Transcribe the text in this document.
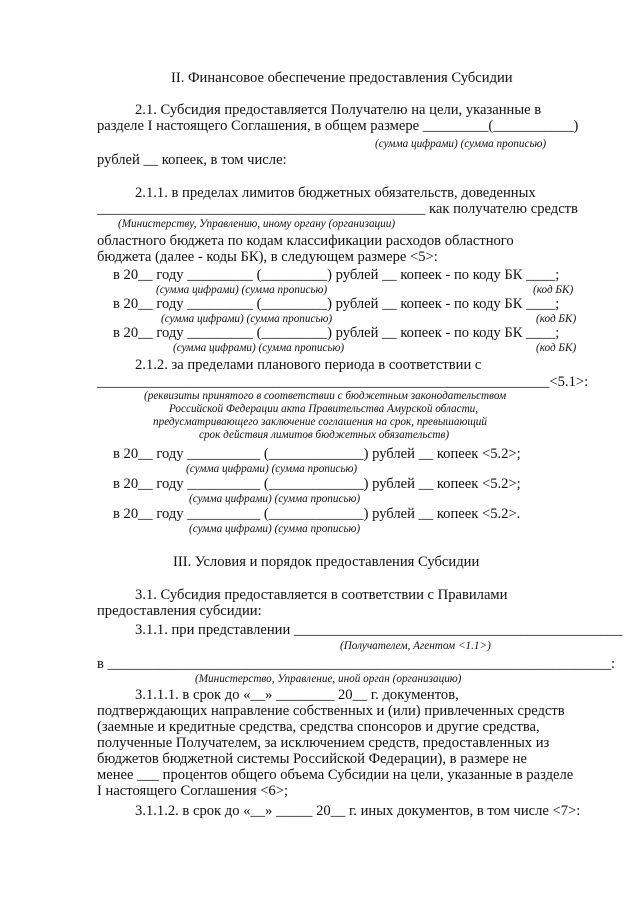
II. Финансовое обеспечение предоставления Субсидии
2.1. Субсидия предоставляется Получателю на цели, указанные в
разделе I настоящего Соглашения, в общем размере _________(___________)
(сумма цифрами) (сумма прописью)
рублей __ копеек, в том числе:
2.1.1. в пределах лимитов бюджетных обязательств, доведенных
_____________________________________________ как получателю средств
(Министерству, Управлению, иному органу (организации)
областного бюджета по кодам классификации расходов областного
бюджета (далее - коды БК), в следующем размере <5>:
в 20__ году _________ (_________) рублей __ копеек - по коду БК ____;
(сумма цифрами) (сумма прописью)	(код БК)
в 20__ году _________ (_________) рублей __ копеек - по коду БК ____;
(сумма цифрами) (сумма прописью)	(код БК)
в 20__ году _________ (_________) рублей __ копеек - по коду БК ____;
(сумма цифрами) (сумма прописью)	(код БК)
2.1.2. за пределами планового периода в соответствии с
______________________________________________________________<5.1>:
(реквизиты принятого в соответствии с бюджетным законодательством
Российской Федерации акта Правительства Амурской области,
предусматривающего заключение соглашения на срок, превышающий
срок действия лимитов бюджетных обязательств)
в 20__ году __________ (_____________) рублей __ копеек <5.2>;
(сумма цифрами) (сумма прописью)
в 20__ году __________ (_____________) рублей __ копеек <5.2>;
(сумма цифрами) (сумма прописью)
в 20__ году __________ (_____________) рублей __ копеек <5.2>.
(сумма цифрами) (сумма прописью)
III. Условия и порядок предоставления Субсидии
3.1. Субсидия предоставляется в соответствии с Правилами
предоставления субсидии:
3.1.1. при представлении _____________________________________________
(Получателем, Агентом <1.1>)
в _____________________________________________________________________:
(Министерство, Управление, иной орган (организацию)
3.1.1.1. в срок до «__» ________ 20__ г. документов,
подтверждающих направление собственных и (или) привлеченных средств
(заемные и кредитные средства, средства спонсоров и другие средства,
полученные Получателем, за исключением средств, предоставленных из
бюджетов бюджетной системы Российской Федерации), в размере не
менее ___ процентов общего объема Субсидии на цели, указанные в разделе
I настоящего Соглашения <6>;
3.1.1.2. в срок до «__» _____ 20__ г. иных документов, в том числе <7>:
